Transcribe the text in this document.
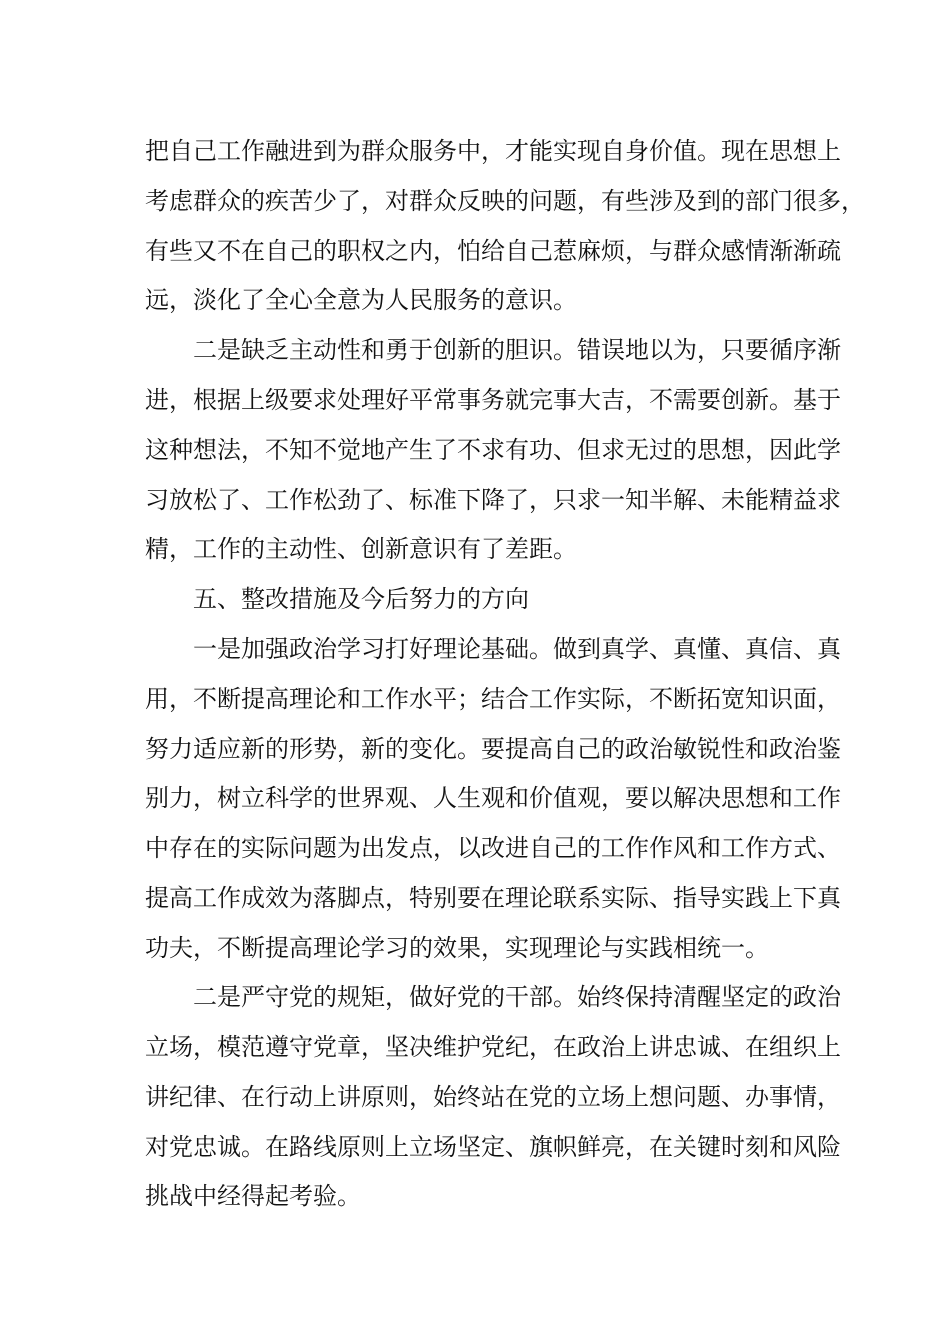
把自己工作融进到为群众服务中，才能实现自身价值。现在思想上
考虑群众的疾苦少了，对群众反映的问题，有些涉及到的部门很多，
有些又不在自己的职权之内，怕给自己惹麻烦，与群众感情渐渐疏
远，淡化了全心全意为人民服务的意识。
二是缺乏主动性和勇于创新的胆识。错误地以为，只要循序渐
进，根据上级要求处理好平常事务就完事大吉，不需要创新。基于
这种想法，不知不觉地产生了不求有功、但求无过的思想，因此学
习放松了、工作松劲了、标准下降了，只求一知半解、未能精益求
精，工作的主动性、创新意识有了差距。
五、整改措施及今后努力的方向
一是加强政治学习打好理论基础。做到真学、真懂、真信、真
用，不断提高理论和工作水平；结合工作实际，不断拓宽知识面，
努力适应新的形势，新的变化。要提高自己的政治敏锐性和政治鉴
别力，树立科学的世界观、人生观和价值观，要以解决思想和工作
中存在的实际问题为出发点，以改进自己的工作作风和工作方式、
提高工作成效为落脚点，特别要在理论联系实际、指导实践上下真
功夫，不断提高理论学习的效果，实现理论与实践相统一。
二是严守党的规矩，做好党的干部。始终保持清醒坚定的政治
立场，模范遵守党章，坚决维护党纪，在政治上讲忠诚、在组织上
讲纪律、在行动上讲原则，始终站在党的立场上想问题、办事情，
对党忠诚。在路线原则上立场坚定、旗帜鲜亮，在关键时刻和风险
挑战中经得起考验。
